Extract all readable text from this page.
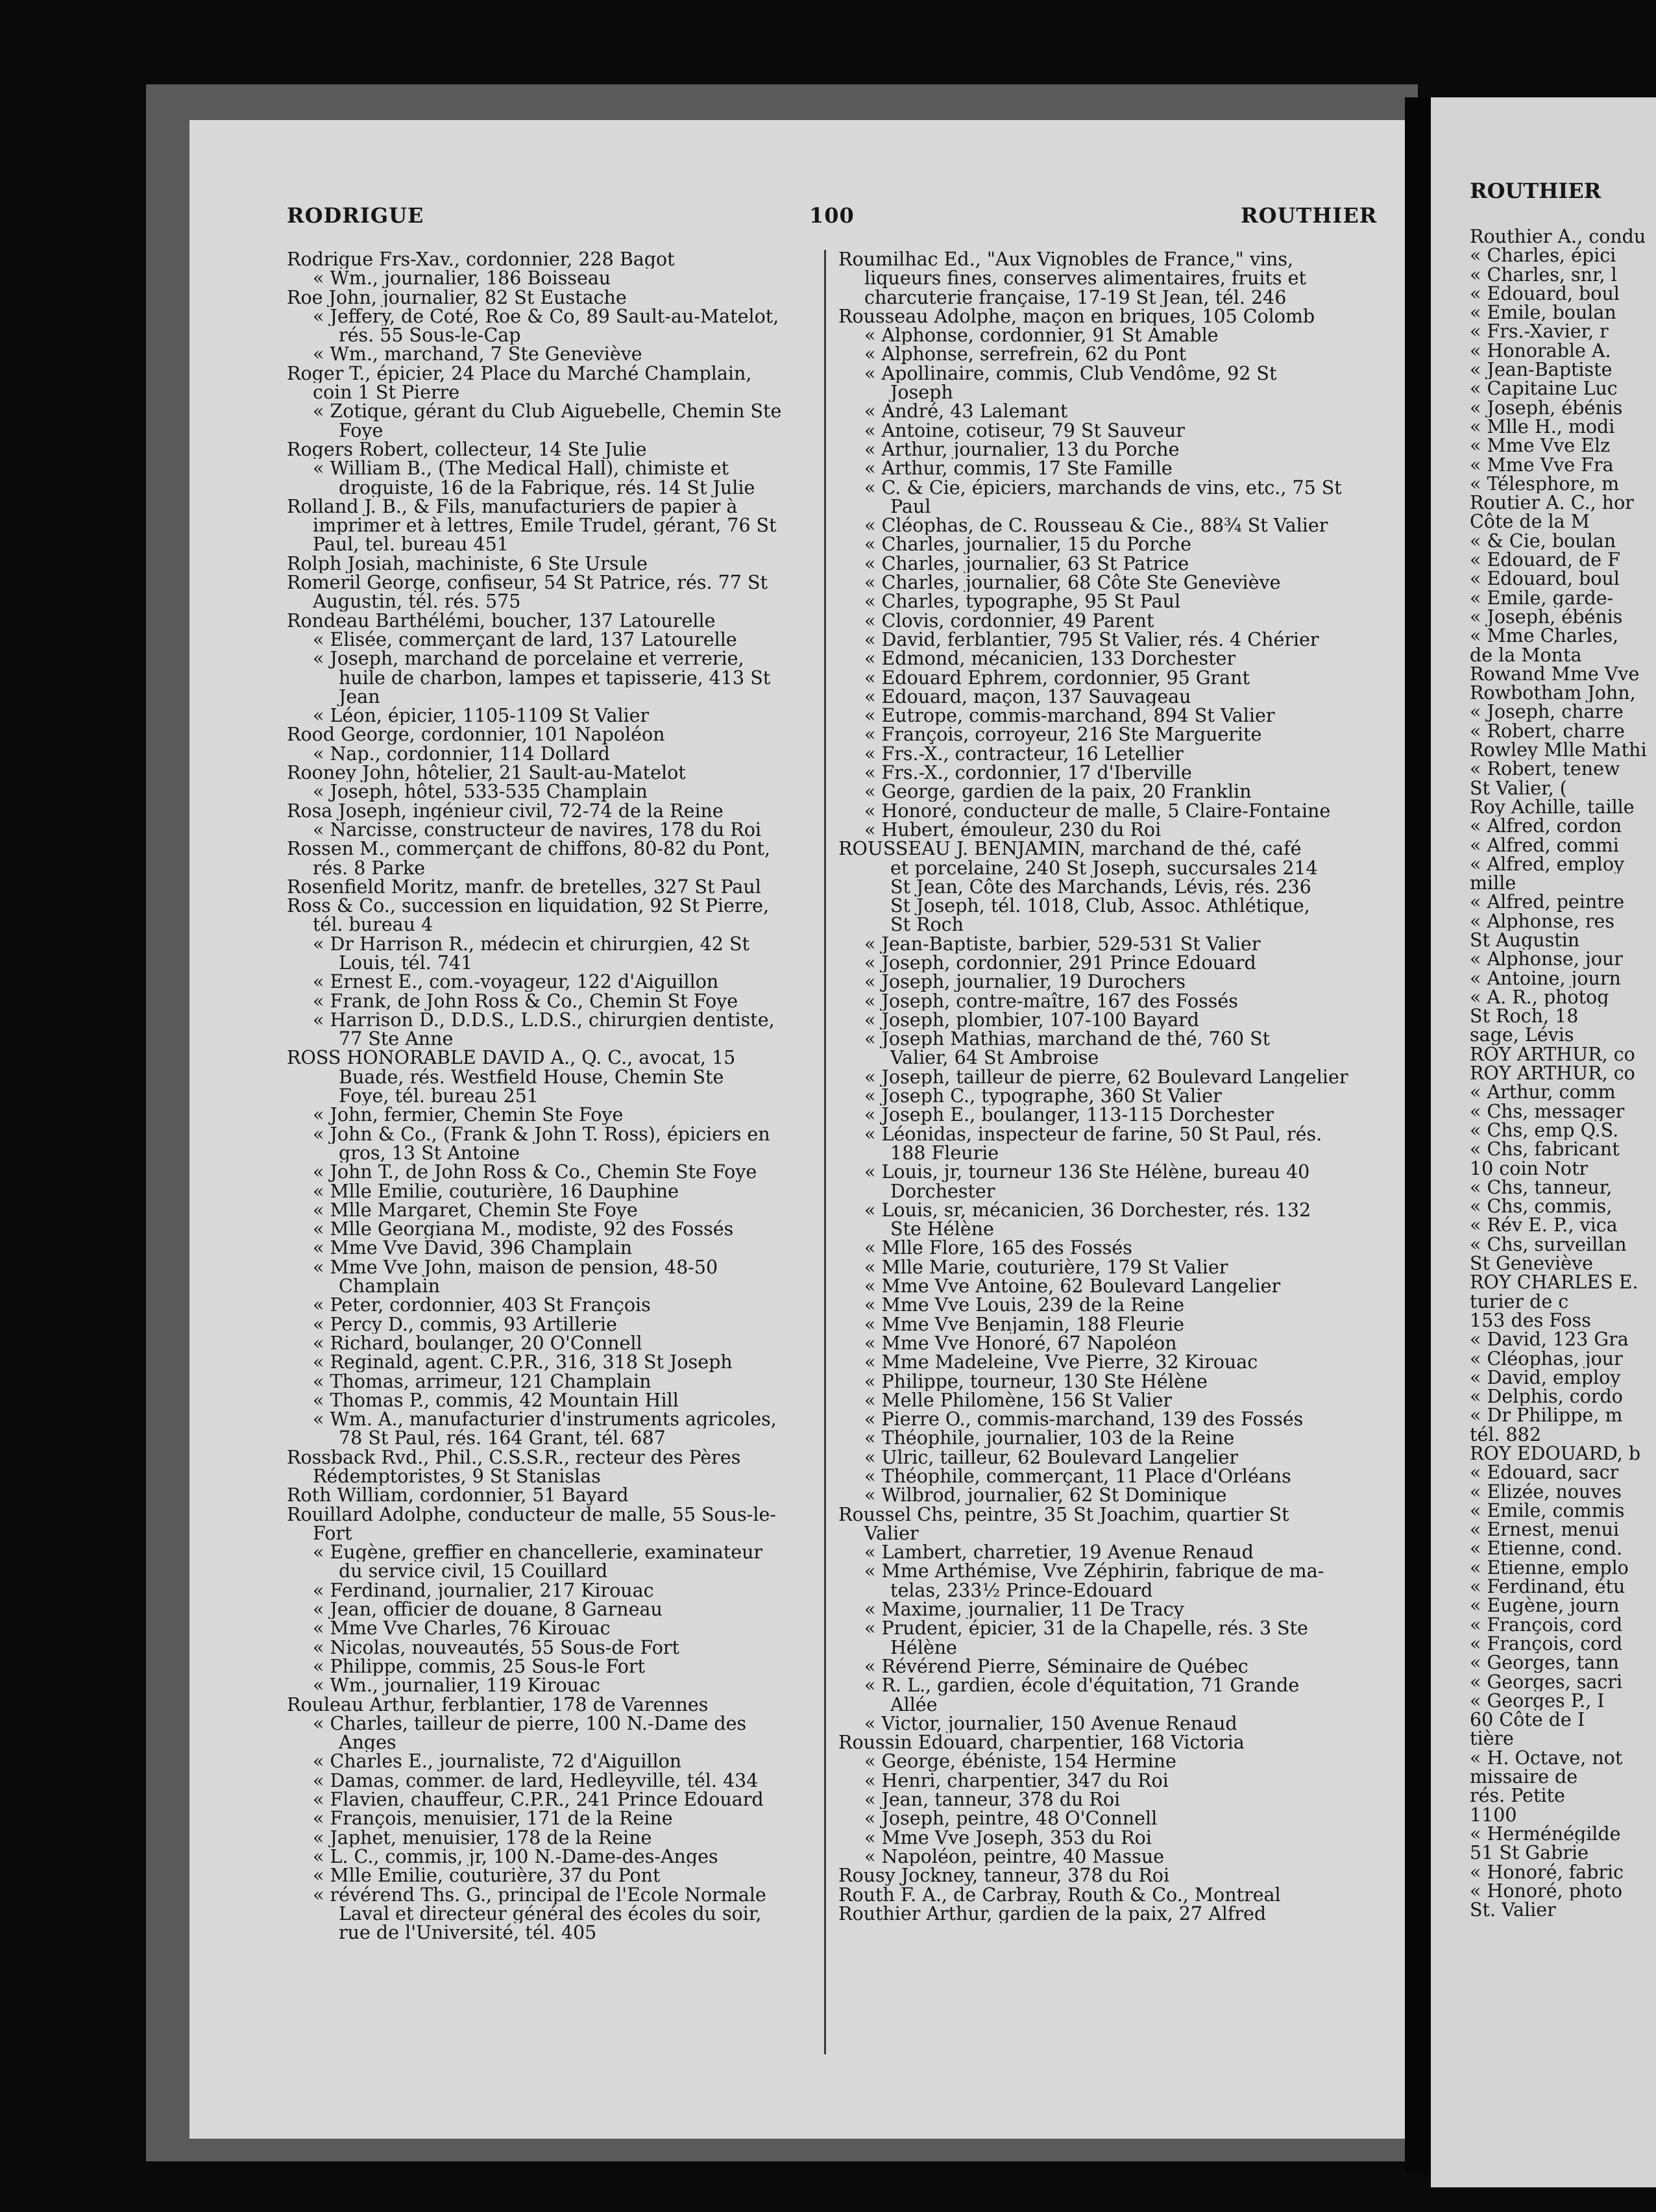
RODRIGUE	100	ROUTHIER
Rodrigue Frs-Xav., cordonnier, 228 Bagot
« Wm., journalier, 186 Boisseau
Roe John, journalier, 82 St Eustache
« Jeffery, de Coté, Roe & Co, 89 Sault-au-Matelot,
rés. 55 Sous-le-Cap
« Wm., marchand, 7 Ste Geneviève
Roger T., épicier, 24 Place du Marché Champlain,
coin 1 St Pierre
« Zotique, gérant du Club Aiguebelle, Chemin Ste
Foye
Rogers Robert, collecteur, 14 Ste Julie
« William B., (The Medical Hall), chimiste et
droguiste, 16 de la Fabrique, rés. 14 St Julie
Rolland J. B., & Fils, manufacturiers de papier à
imprimer et à lettres, Emile Trudel, gérant, 76 St
Paul, tel. bureau 451
Rolph Josiah, machiniste, 6 Ste Ursule
Romeril George, confiseur, 54 St Patrice, rés. 77 St
Augustin, tél. rés. 575
Rondeau Barthélémi, boucher, 137 Latourelle
« Elisée, commerçant de lard, 137 Latourelle
« Joseph, marchand de porcelaine et verrerie,
huile de charbon, lampes et tapisserie, 413 St
Jean
« Léon, épicier, 1105-1109 St Valier
Rood George, cordonnier, 101 Napoléon
« Nap., cordonnier, 114 Dollard
Rooney John, hôtelier, 21 Sault-au-Matelot
« Joseph, hôtel, 533-535 Champlain
Rosa Joseph, ingénieur civil, 72-74 de la Reine
« Narcisse, constructeur de navires, 178 du Roi
Rossen M., commerçant de chiffons, 80-82 du Pont,
rés. 8 Parke
Rosenfield Moritz, manfr. de bretelles, 327 St Paul
Ross & Co., succession en liquidation, 92 St Pierre,
tél. bureau 4
« Dr Harrison R., médecin et chirurgien, 42 St
Louis, tél. 741
« Ernest E., com.-voyageur, 122 d'Aiguillon
« Frank, de John Ross & Co., Chemin St Foye
« Harrison D., D.D.S., L.D.S., chirurgien dentiste,
77 Ste Anne
ROSS HONORABLE DAVID A., Q. C., avocat, 15
Buade, rés. Westfield House, Chemin Ste
Foye, tél. bureau 251
« John, fermier, Chemin Ste Foye
« John & Co., (Frank & John T. Ross), épiciers en
gros, 13 St Antoine
« John T., de John Ross & Co., Chemin Ste Foye
« Mlle Emilie, couturière, 16 Dauphine
« Mlle Margaret, Chemin Ste Foye
« Mlle Georgiana M., modiste, 92 des Fossés
« Mme Vve David, 396 Champlain
« Mme Vve John, maison de pension, 48-50
Champlain
« Peter, cordonnier, 403 St François
« Percy D., commis, 93 Artillerie
« Richard, boulanger, 20 O'Connell
« Reginald, agent. C.P.R., 316, 318 St Joseph
« Thomas, arrimeur, 121 Champlain
« Thomas P., commis, 42 Mountain Hill
« Wm. A., manufacturier d'instruments agricoles,
78 St Paul, rés. 164 Grant, tél. 687
Rossback Rvd., Phil., C.S.S.R., recteur des Pères
Rédemptoristes, 9 St Stanislas
Roth William, cordonnier, 51 Bayard
Rouillard Adolphe, conducteur de malle, 55 Sous-le-
Fort
« Eugène, greffier en chancellerie, examinateur
du service civil, 15 Couillard
« Ferdinand, journalier, 217 Kirouac
« Jean, officier de douane, 8 Garneau
« Mme Vve Charles, 76 Kirouac
« Nicolas, nouveautés, 55 Sous-de Fort
« Philippe, commis, 25 Sous-le Fort
« Wm., journalier, 119 Kirouac
Rouleau Arthur, ferblantier, 178 de Varennes
« Charles, tailleur de pierre, 100 N.-Dame des
Anges
« Charles E., journaliste, 72 d'Aiguillon
« Damas, commer. de lard, Hedleyville, tél. 434
« Flavien, chauffeur, C.P.R., 241 Prince Edouard
« François, menuisier, 171 de la Reine
« Japhet, menuisier, 178 de la Reine
« L. C., commis, jr, 100 N.-Dame-des-Anges
« Mlle Emilie, couturière, 37 du Pont
« révérend Ths. G., principal de l'Ecole Normale
Laval et directeur général des écoles du soir,
rue de l'Université, tél. 405
Roumilhac Ed., "Aux Vignobles de France," vins,
liqueurs fines, conserves alimentaires, fruits et
charcuterie française, 17-19 St Jean, tél. 246
Rousseau Adolphe, maçon en briques, 105 Colomb
« Alphonse, cordonnier, 91 St Amable
« Alphonse, serrefrein, 62 du Pont
« Apollinaire, commis, Club Vendôme, 92 St
Joseph
« André, 43 Lalemant
« Antoine, cotiseur, 79 St Sauveur
« Arthur, journalier, 13 du Porche
« Arthur, commis, 17 Ste Famille
« C. & Cie, épiciers, marchands de vins, etc., 75 St
Paul
« Cléophas, de C. Rousseau & Cie., 88¾ St Valier
« Charles, journalier, 15 du Porche
« Charles, journalier, 63 St Patrice
« Charles, journalier, 68 Côte Ste Geneviève
« Charles, typographe, 95 St Paul
« Clovis, cordonnier, 49 Parent
« David, ferblantier, 795 St Valier, rés. 4 Chérier
« Edmond, mécanicien, 133 Dorchester
« Edouard Ephrem, cordonnier, 95 Grant
« Edouard, maçon, 137 Sauvageau
« Eutrope, commis-marchand, 894 St Valier
« François, corroyeur, 216 Ste Marguerite
« Frs.-X., contracteur, 16 Letellier
« Frs.-X., cordonnier, 17 d'Iberville
« George, gardien de la paix, 20 Franklin
« Honoré, conducteur de malle, 5 Claire-Fontaine
« Hubert, émouleur, 230 du Roi
ROUSSEAU J. BENJAMIN, marchand de thé, café
et porcelaine, 240 St Joseph, succursales 214
St Jean, Côte des Marchands, Lévis, rés. 236
St Joseph, tél. 1018, Club, Assoc. Athlétique,
St Roch
« Jean-Baptiste, barbier, 529-531 St Valier
« Joseph, cordonnier, 291 Prince Edouard
« Joseph, journalier, 19 Durochers
« Joseph, contre-maître, 167 des Fossés
« Joseph, plombier, 107-100 Bayard
« Joseph Mathias, marchand de thé, 760 St
Valier, 64 St Ambroise
« Joseph, tailleur de pierre, 62 Boulevard Langelier
« Joseph C., typographe, 360 St Valier
« Joseph E., boulanger, 113-115 Dorchester
« Léonidas, inspecteur de farine, 50 St Paul, rés.
188 Fleurie
« Louis, jr, tourneur 136 Ste Hélène, bureau 40
Dorchester
« Louis, sr, mécanicien, 36 Dorchester, rés. 132
Ste Hélène
« Mlle Flore, 165 des Fossés
« Mlle Marie, couturière, 179 St Valier
« Mme Vve Antoine, 62 Boulevard Langelier
« Mme Vve Louis, 239 de la Reine
« Mme Vve Benjamin, 188 Fleurie
« Mme Vve Honoré, 67 Napoléon
« Mme Madeleine, Vve Pierre, 32 Kirouac
« Philippe, tourneur, 130 Ste Hélène
« Melle Philomène, 156 St Valier
« Pierre O., commis-marchand, 139 des Fossés
« Théophile, journalier, 103 de la Reine
« Ulric, tailleur, 62 Boulevard Langelier
« Théophile, commerçant, 11 Place d'Orléans
« Wilbrod, journalier, 62 St Dominique
Roussel Chs, peintre, 35 St Joachim, quartier St
Valier
« Lambert, charretier, 19 Avenue Renaud
« Mme Arthémise, Vve Zéphirin, fabrique de ma-
telas, 233½ Prince-Edouard
« Maxime, journalier, 11 De Tracy
« Prudent, épicier, 31 de la Chapelle, rés. 3 Ste
Hélène
« Révérend Pierre, Séminaire de Québec
« R. L., gardien, école d'équitation, 71 Grande
Allée
« Victor, journalier, 150 Avenue Renaud
Roussin Edouard, charpentier, 168 Victoria
« George, ébéniste, 154 Hermine
« Henri, charpentier, 347 du Roi
« Jean, tanneur, 378 du Roi
« Joseph, peintre, 48 O'Connell
« Mme Vve Joseph, 353 du Roi
« Napoléon, peintre, 40 Massue
Rousy Jockney, tanneur, 378 du Roi
Routh F. A., de Carbray, Routh & Co., Montreal
Routhier Arthur, gardien de la paix, 27 Alfred
ROUTHIER
Routhier A., condu
« Charles, épici
« Charles, snr, l
« Edouard, boul
« Emile, boulan
« Frs.-Xavier, r
« Honorable A.
« Jean-Baptiste
« Capitaine Luc
« Joseph, ébénis
« Mlle H., modi
« Mme Vve Elz
« Mme Vve Fra
« Télesphore, m
Routier A. C., hor
Côte de la M
« & Cie, boulan
« Edouard, de F
« Edouard, boul
« Emile, garde-
« Joseph, ébénis
« Mme Charles,
de la Monta
Rowand Mme Vve
Rowbotham John,
« Joseph, charre
« Robert, charre
Rowley Mlle Mathi
« Robert, tenew
St Valier, (
Roy Achille, taille
« Alfred, cordon
« Alfred, commi
« Alfred, employ
mille
« Alfred, peintre
« Alphonse, res
St Augustin
« Alphonse, jour
« Antoine, journ
« A. R., photog
St Roch, 18
sage, Lévis
ROY ARTHUR, co
ROY ARTHUR, co
« Arthur, comm
« Chs, messager
« Chs, emp Q.S.
« Chs, fabricant
10 coin Notr
« Chs, tanneur,
« Chs, commis,
« Rév E. P., vica
« Chs, surveillan
St Geneviève
ROY CHARLES E.
turier de c
153 des Foss
« David, 123 Gra
« Cléophas, jour
« David, employ
« Delphis, cordo
« Dr Philippe, m
tél. 882
ROY EDOUARD, b
« Edouard, sacr
« Elizée, nouves
« Emile, commis
« Ernest, menui
« Etienne, cond.
« Etienne, emplo
« Ferdinand, étu
« Eugène, journ
« François, cord
« François, cord
« Georges, tann
« Georges, sacri
« Georges P., I
60 Côte de I
tière
« H. Octave, not
missaire de
rés. Petite
1100
« Herménégilde
51 St Gabrie
« Honoré, fabric
« Honoré, photo
St. Valier
